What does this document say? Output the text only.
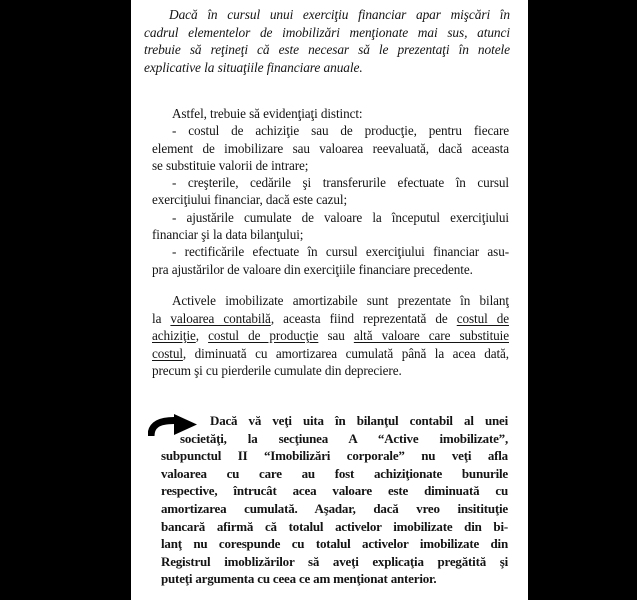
Dacă în cursul unui exerciţiu financiar apar mişcări în
cadrul elementelor de imobilizări menţionate mai sus, atunci
trebuie să reţineţi că este necesar să le prezentaţi în notele
explicative la situaţiile financiare anuale.
Astfel, trebuie să evidenţiaţi distinct:
- costul de achiziţie sau de producţie, pentru fiecare
element de imobilizare sau valoarea reevaluată, dacă aceasta
se substituie valorii de intrare;
- creşterile, cedările şi transferurile efectuate în cursul
exerciţiului financiar, dacă este cazul;
- ajustările cumulate de valoare la începutul exerciţiului
financiar şi la data bilanţului;
- rectificările efectuate în cursul exerciţiului financiar asu-
pra ajustărilor de valoare din exerciţiile financiare precedente.
Activele imobilizate amortizabile sunt prezentate în bilanţ
la valoarea contabilă, aceasta fiind reprezentată de costul de
achiziţie, costul de producţie sau altă valoare care substituie
costul, diminuată cu amortizarea cumulată până la acea dată,
precum şi cu pierderile cumulate din depreciere.
Dacă vă veţi uita în bilanţul contabil al unei
societăţi, la secţiunea A “Active imobilizate”,
subpunctul II “Imobilizări corporale” nu veţi afla
valoarea cu care au fost achiziţionate bunurile
respective, întrucât acea valoare este diminuată cu
amortizarea cumulată. Aşadar, dacă vreo insitituţie
bancară afirmă că totalul activelor imobilizate din bi-
lanţ nu corespunde cu totalul activelor imobilizate din
Registrul imoblizărilor să aveţi explicaţia pregătită şi
puteţi argumenta cu ceea ce am menţionat anterior.
